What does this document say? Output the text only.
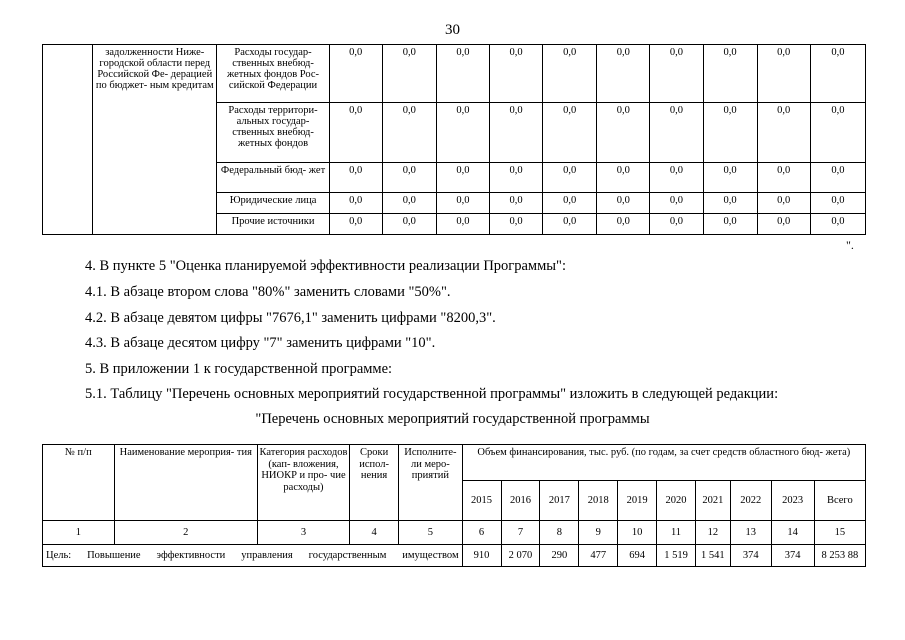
30
	задолженности Ниже- городской области перед Российской Фе- дерацией по бюджет- ным кредитам	Расходы государ- ственных внебюд- жетных фондов Рос- сийской Федерации	0,0	0,0	0,0	0,0	0,0	0,0	0,0	0,0	0,0	0,0
		Расходы территори- альных государ- ственных внебюд- жетных фондов	0,0	0,0	0,0	0,0	0,0	0,0	0,0	0,0	0,0	0,0
		Федеральный бюд- жет	0,0	0,0	0,0	0,0	0,0	0,0	0,0	0,0	0,0	0,0
		Юридические лица	0,0	0,0	0,0	0,0	0,0	0,0	0,0	0,0	0,0	0,0
		Прочие источники	0,0	0,0	0,0	0,0	0,0	0,0	0,0	0,0	0,0	0,0
".
4. В пункте 5 "Оценка планируемой эффективности реализации Программы":
4.1. В абзаце втором слова "80%" заменить словами "50%".
4.2. В абзаце девятом цифры "7676,1" заменить цифрами "8200,3".
4.3. В абзаце десятом цифру "7" заменить цифрами "10".
5. В приложении 1 к государственной программе:
5.1. Таблицу "Перечень основных мероприятий государственной программы" изложить в следующей редакции:
"Перечень основных мероприятий государственной программы
№ п/п	Наименование мероприя- тия	Категория расходов (кап- вложения, НИОКР и про- чие расходы)	Сроки испол- нения	Исполните- ли меро- приятий	Объем финансирования, тыс. руб. (по годам, за счет средств областного бюд- жета)									
					2015	2016	2017	2018	2019	2020	2021	2022	2023	Всего
1	2	3	4	5	6	7	8	9	10	11	12	13	14	15
Цель: Повышение эффективности управления государственным имуществом					910	2 070	290	477	694	1 519	1 541	374	374	8 253 88
